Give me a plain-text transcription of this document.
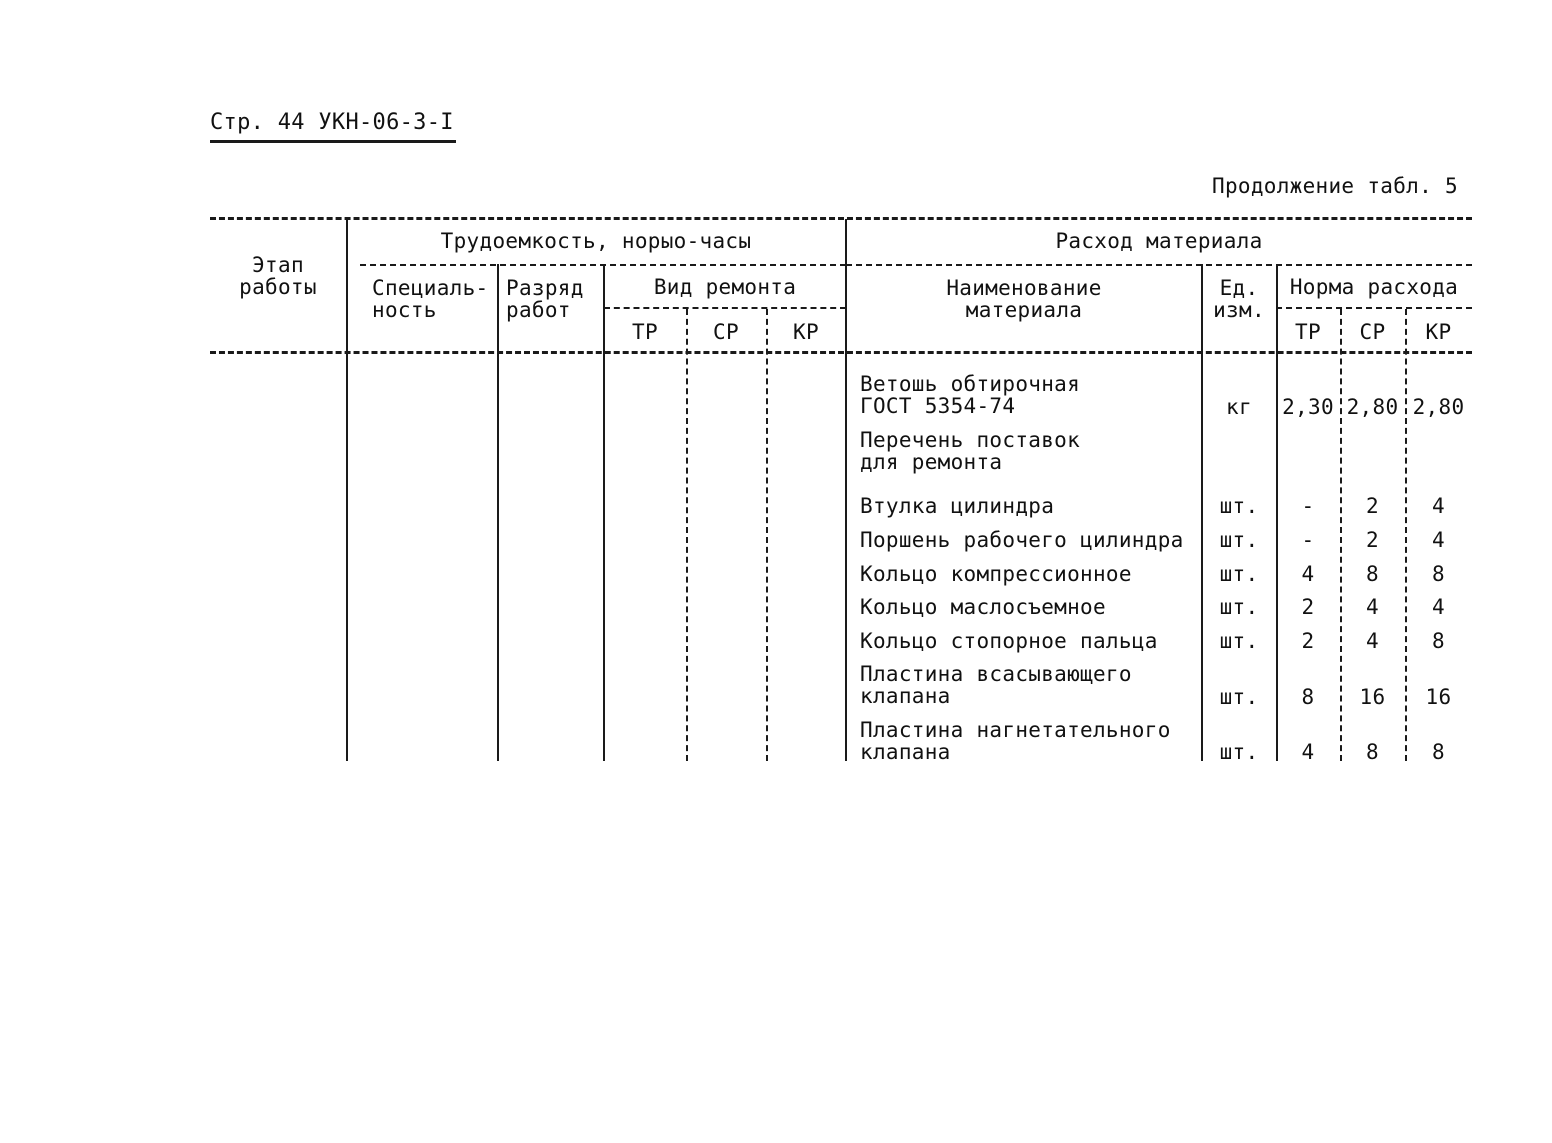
Стр. 44 УКН-06-3-I
Продолжение табл. 5
Этап
работы
Трудоемкость, норыо-часы
Специаль-
ность
Разряд
работ
Вид ремонта
ТР	СР	КР
Расход материала
Наименование
материала
Ед.
изм.
Норма расхода
ТР	СР	КР
Ветошь обтирочная
ГОСТ 5354-74	кг	2,30 2,80 2,80
Перечень поставок
для ремонта
Втулка цилиндра	шт.	-	2	4
Поршень рабочего цилиндра	шт.	-	2	4
Кольцо компрессионное	шт.	4	8	8
Кольцо маслосъемное	шт.	2	4	4
Кольцо стопорное пальца	шт.	2	4	8
Пластина всасывающего
клапана	шт.	8	16	16
Пластина нагнетательного
клапана	шт.	4	8	8
